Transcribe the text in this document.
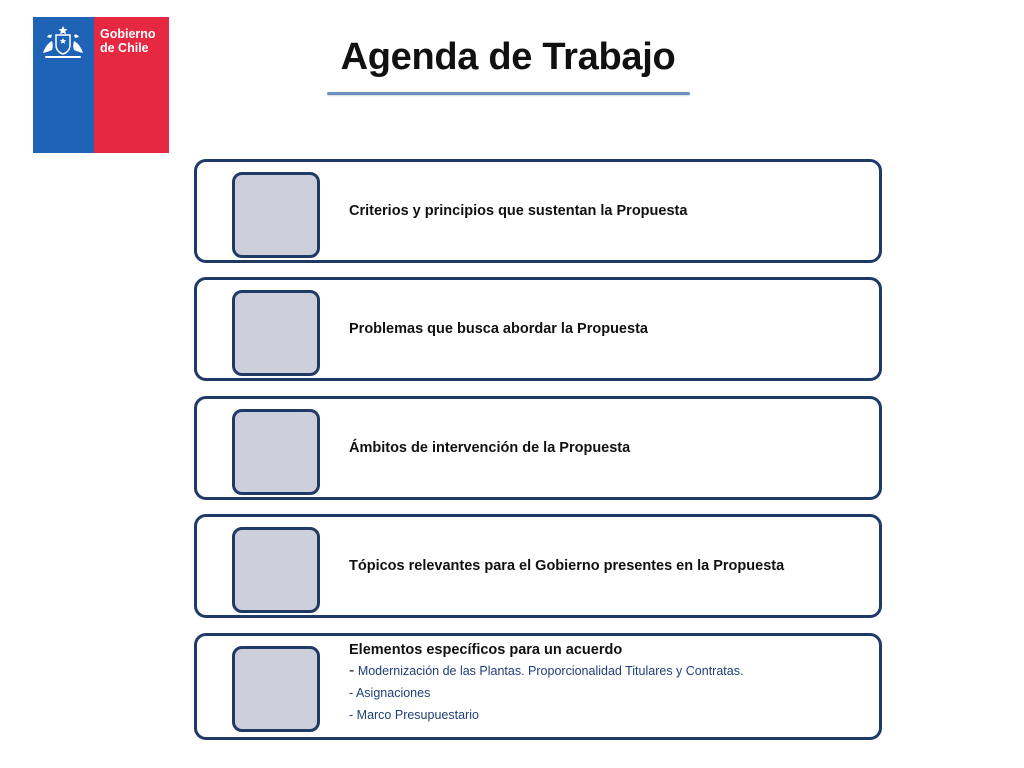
Gobierno
de Chile	Agenda de Trabajo
Criterios y principios que sustentan la Propuesta
Problemas que busca abordar la Propuesta
Ámbitos de intervención de la Propuesta
Tópicos relevantes para el Gobierno presentes en la Propuesta
Elementos específicos para un acuerdo
- Modernización de las Plantas. Proporcionalidad Titulares y Contratas.
- Asignaciones
- Marco Presupuestario
